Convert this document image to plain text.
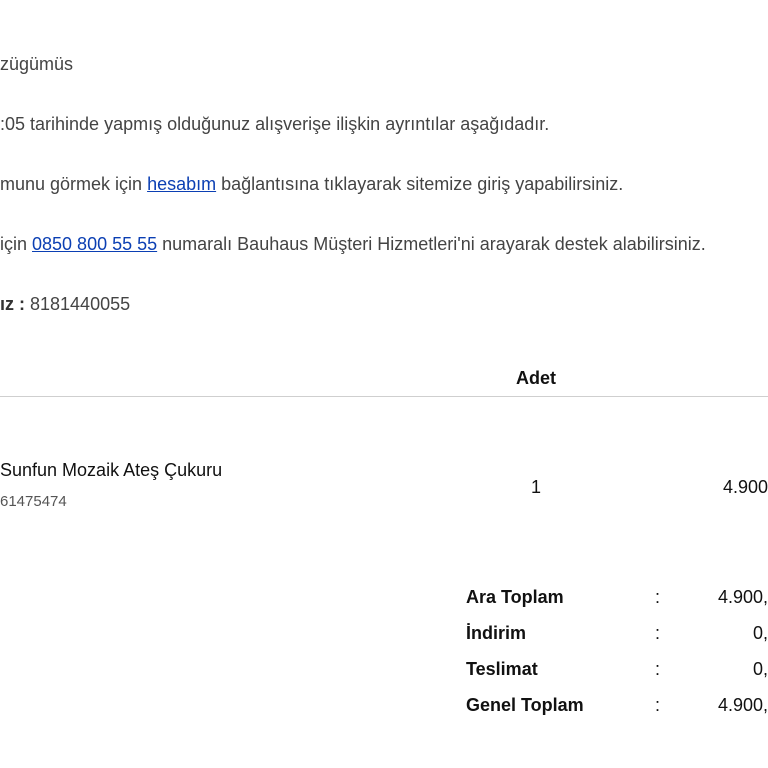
zügümüs
:05 tarihinde yapmış olduğunuz alışverişe ilişkin ayrıntılar aşağıdadır.
munu görmek için hesabım bağlantısına tıklayarak sitemize giriş yapabilirsiniz.
için 0850 800 55 55 numaralı Bauhaus Müşteri Hizmetleri'ni arayarak destek alabilirsiniz.
ız : 8181440055
Adet
Sunfun Mozaik Ateş Çukuru
61475474
1	4.900
Ara Toplam	:	4.900,
İndirim	:	0,
Teslimat	:	0,
Genel Toplam	:	4.900,
